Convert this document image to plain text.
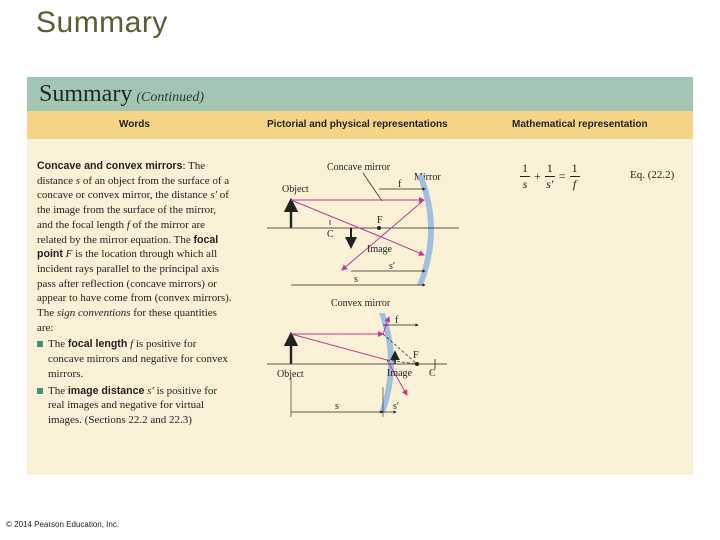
Summary
Summary (Continued)
Words	Pictorial and physical representations	Mathematical representation
Concave and convex mirrors: The distance s of an object from the surface of a concave or convex mirror, the distance s′ of the image from the surface of the mirror, and the focal length f of the mirror are related by the mirror equation. The focal point F is the location through which all incident rays parallel to the principal axis pass after reflection (concave mirrors) or appear to have come from (convex mirrors). The sign conventions for these quantities are:
The focal length f is positive for concave mirrors and negative for convex mirrors.
The image distance s′ is positive for real images and negative for virtual images. (Sections 22.2 and 22.3)
$\frac{1}{s} + \frac{1}{s'} = \frac{1}{f}$	Eq. (22.2)
Concave mirror
Mirror
Object
F
C
Image
f
s′
s
Convex mirror
Object
F
Image C
f
s	s′
© 2014 Pearson Education, Inc.
